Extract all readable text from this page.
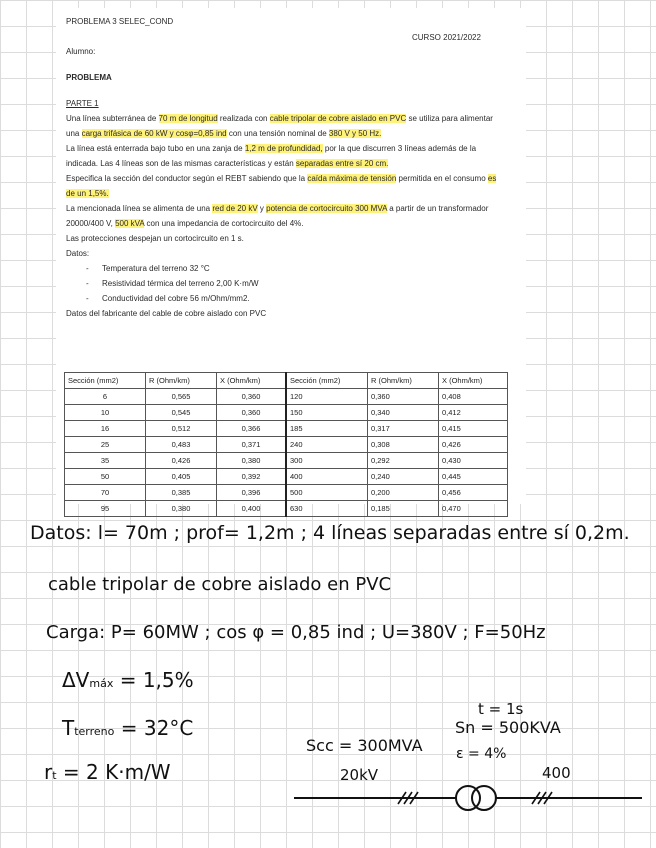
PROBLEMA 3 SELEC_COND
CURSO 2021/2022
Alumno:
PROBLEMA

PARTE 1

Una línea subterránea de 70 m de longitud realizada con cable tripolar de cobre aislado en PVC se utiliza para alimentar una carga trifásica de 60 kW y cosφ=0,85 ind con una tensión nominal de 380 V y 50 Hz.

La línea está enterrada bajo tubo en una zanja de 1,2 m de profundidad, por la que discurren 3 líneas además de la indicada. Las 4 líneas son de las mismas características y están separadas entre sí 20 cm.

Especifica la sección del conductor según el REBT sabiendo que la caída máxima de tensión permitida en el consumo es de un 1,5%.

La mencionada línea se alimenta de una red de 20 kV y potencia de cortocircuito 300 MVA a partir de un transformador 20000/400 V, 500 kVA con una impedancia de cortocircuito del 4%.

Las protecciones despejan un cortocircuito en 1 s.

Datos:

- Temperatura del terreno 32 °C
- Resistividad térmica del terreno 2,00 K·m/W
- Conductividad del cobre 56 m/Ohm/mm2.

Datos del fabricante del cable de cobre aislado con PVC

Sección (mm2)	R (Ohm/km)	X (Ohm/km)	Sección (mm2)	R (Ohm/km)	X (Ohm/km)
6	0,565	0,360	120	0,360	0,408
10	0,545	0,360	150	0,340	0,412
16	0,512	0,366	185	0,317	0,415
25	0,483	0,371	240	0,308	0,426
35	0,426	0,380	300	0,292	0,430
50	0,405	0,392	400	0,240	0,445
70	0,385	0,396	500	0,200	0,456
95	0,380	0,400	630	0,185	0,470
Datos: l= 70m ; prof= 1,2m ; 4 líneas separadas entre sí 0,2m.
cable tripolar de cobre aislado en PVC
Carga: P= 60MW ; cos φ = 0,85 ind ; U=380V ; F=50Hz
ΔVmáx = 1,5%
Tterreno = 32°C
rt = 2 K·m/W
t = 1s
Scc = 300MVA
Sn = 500KVA
ε = 4%
20kV	400
